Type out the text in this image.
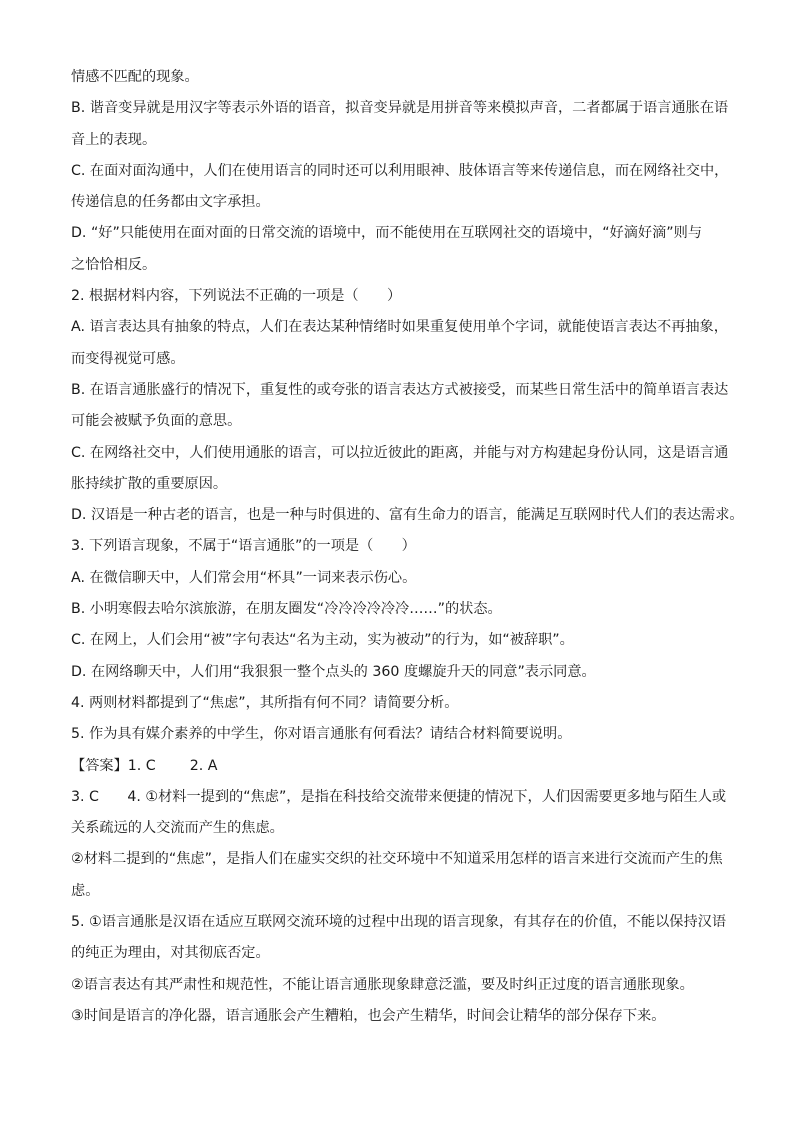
情感不匹配的现象。
B. 谐音变异就是用汉字等表示外语的语音，拟音变异就是用拼音等来模拟声音，二者都属于语言通胀在语
音上的表现。
C. 在面对面沟通中，人们在使用语言的同时还可以利用眼神、肢体语言等来传递信息，而在网络社交中，
传递信息的任务都由文字承担。
D. “好”只能使用在面对面的日常交流的语境中，而不能使用在互联网社交的语境中，“好滴好滴”则与
之恰恰相反。
2. 根据材料内容，下列说法不正确的一项是（　　）
A. 语言表达具有抽象的特点，人们在表达某种情绪时如果重复使用单个字词，就能使语言表达不再抽象，
而变得视觉可感。
B. 在语言通胀盛行的情况下，重复性的或夸张的语言表达方式被接受，而某些日常生活中的简单语言表达
可能会被赋予负面的意思。
C. 在网络社交中，人们使用通胀的语言，可以拉近彼此的距离，并能与对方构建起身份认同，这是语言通
胀持续扩散的重要原因。
D. 汉语是一种古老的语言，也是一种与时俱进的、富有生命力的语言，能满足互联网时代人们的表达需求。
3. 下列语言现象，不属于“语言通胀”的一项是（　　）
A. 在微信聊天中，人们常会用“杯具”一词来表示伤心。
B. 小明寒假去哈尔滨旅游，在朋友圈发“冷冷冷冷冷冷……”的状态。
C. 在网上，人们会用“被”字句表达“名为主动，实为被动”的行为，如“被辞职”。
D. 在网络聊天中，人们用“我狠狠一整个点头的 360 度螺旋升天的同意”表示同意。
4. 两则材料都提到了“焦虑”，其所指有何不同？请简要分析。
5. 作为具有媒介素养的中学生，你对语言通胀有何看法？请结合材料简要说明。
【答案】1. C 2. A
3. C　　4. ①材料一提到的“焦虑”，是指在科技给交流带来便捷的情况下，人们因需要更多地与陌生人或
关系疏远的人交流而产生的焦虑。
②材料二提到的“焦虑”，是指人们在虚实交织的社交环境中不知道采用怎样的语言来进行交流而产生的焦
虑。
5. ①语言通胀是汉语在适应互联网交流环境的过程中出现的语言现象，有其存在的价值，不能以保持汉语
的纯正为理由，对其彻底否定。
②语言表达有其严肃性和规范性，不能让语言通胀现象肆意泛滥，要及时纠正过度的语言通胀现象。
③时间是语言的净化器，语言通胀会产生糟粕，也会产生精华，时间会让精华的部分保存下来。
